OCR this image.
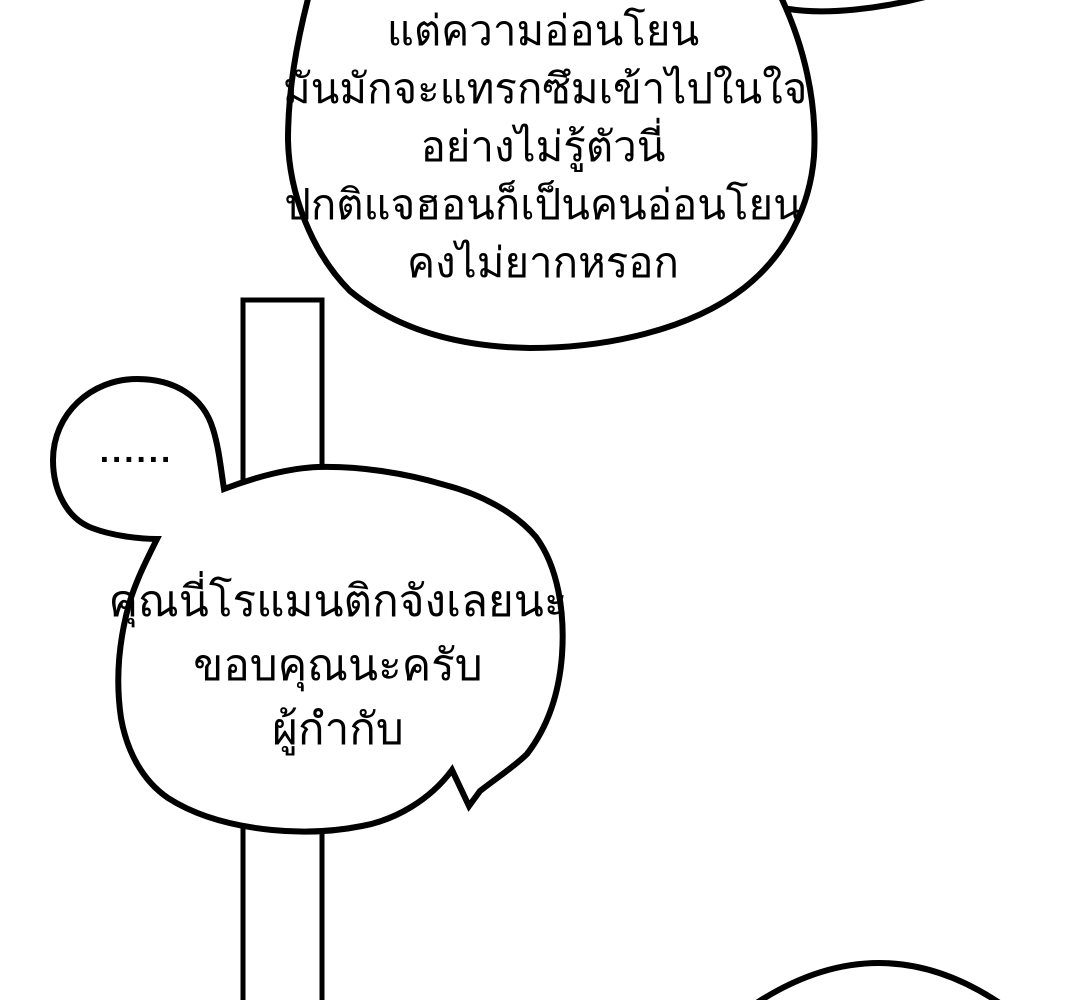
แต่ความอ่อนโยน
มันมักจะแทรกซึมเข้าไปในใจ
อย่างไม่รู้ตัวนี่
ปกติแจฮอนก็เป็นคนอ่อนโยน
คงไม่ยากหรอก
......
คุณนี่โรแมนติกจังเลยนะ
ขอบคุณนะครับ
ผู้กำกับ
